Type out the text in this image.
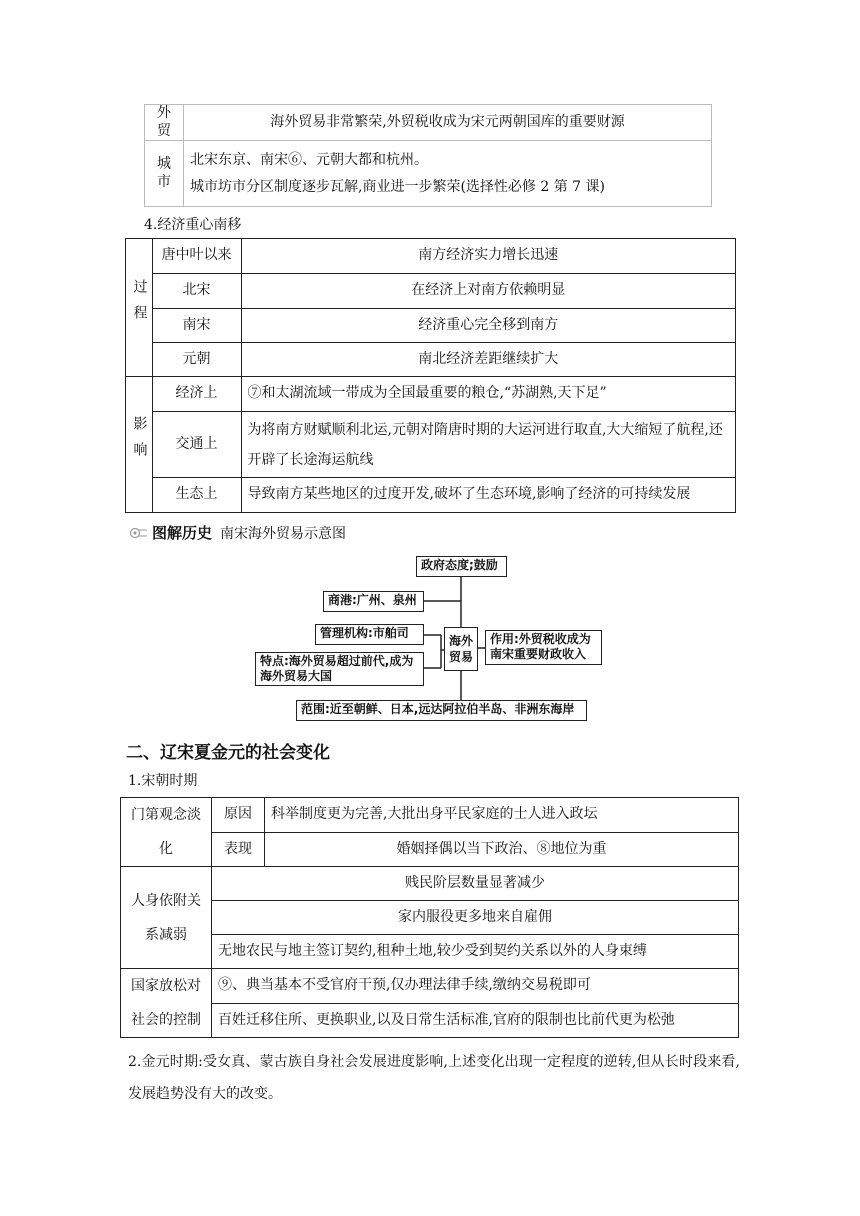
外贸	海外贸易非常繁荣,外贸税收成为宋元两朝国库的重要财源
城市	北宋东京、南宋⑥、元朝大都和杭州。
城市坊市分区制度逐步瓦解,商业进一步繁荣(选择性必修 2 第 7 课)
4.经济重心南移
过程	唐中叶以来	南方经济实力增长迅速
	北宋	在经济上对南方依赖明显
	南宋	经济重心完全移到南方
	元朝	南北经济差距继续扩大
影响	经济上	⑦和太湖流域一带成为全国最重要的粮仓,“苏湖熟,天下足”
	交通上	为将南方财赋顺利北运,元朝对隋唐时期的大运河进行取直,大大缩短了航程,还开辟了长途海运航线
	生态上	导致南方某些地区的过度开发,破坏了生态环境,影响了经济的可持续发展
图解历史 南宋海外贸易示意图
政府态度;鼓励
商港:广州、泉州
管理机构:市舶司
特点:海外贸易超过前代,成为海外贸易大国
海外贸易
作用:外贸税收成为南宋重要财政收入
范围:近至朝鲜、日本,远达阿拉伯半岛、非洲东海岸
二、辽宋夏金元的社会变化
1.宋朝时期
门第观念淡化	原因	科举制度更为完善,大批出身平民家庭的士人进入政坛
	表现	婚姻择偶以当下政治、⑧地位为重
人身依附关系减弱	贱民阶层数量显著减少	
	家内服役更多地来自雇佣	
	无地农民与地主签订契约,租种土地,较少受到契约关系以外的人身束缚	
国家放松对社会的控制	⑨、典当基本不受官府干预,仅办理法律手续,缴纳交易税即可	
	百姓迁移住所、更换职业,以及日常生活标准,官府的限制也比前代更为松弛	
2.金元时期:受女真、蒙古族自身社会发展进度影响,上述变化出现一定程度的逆转,但从长时段来看,发展趋势没有大的改变。
